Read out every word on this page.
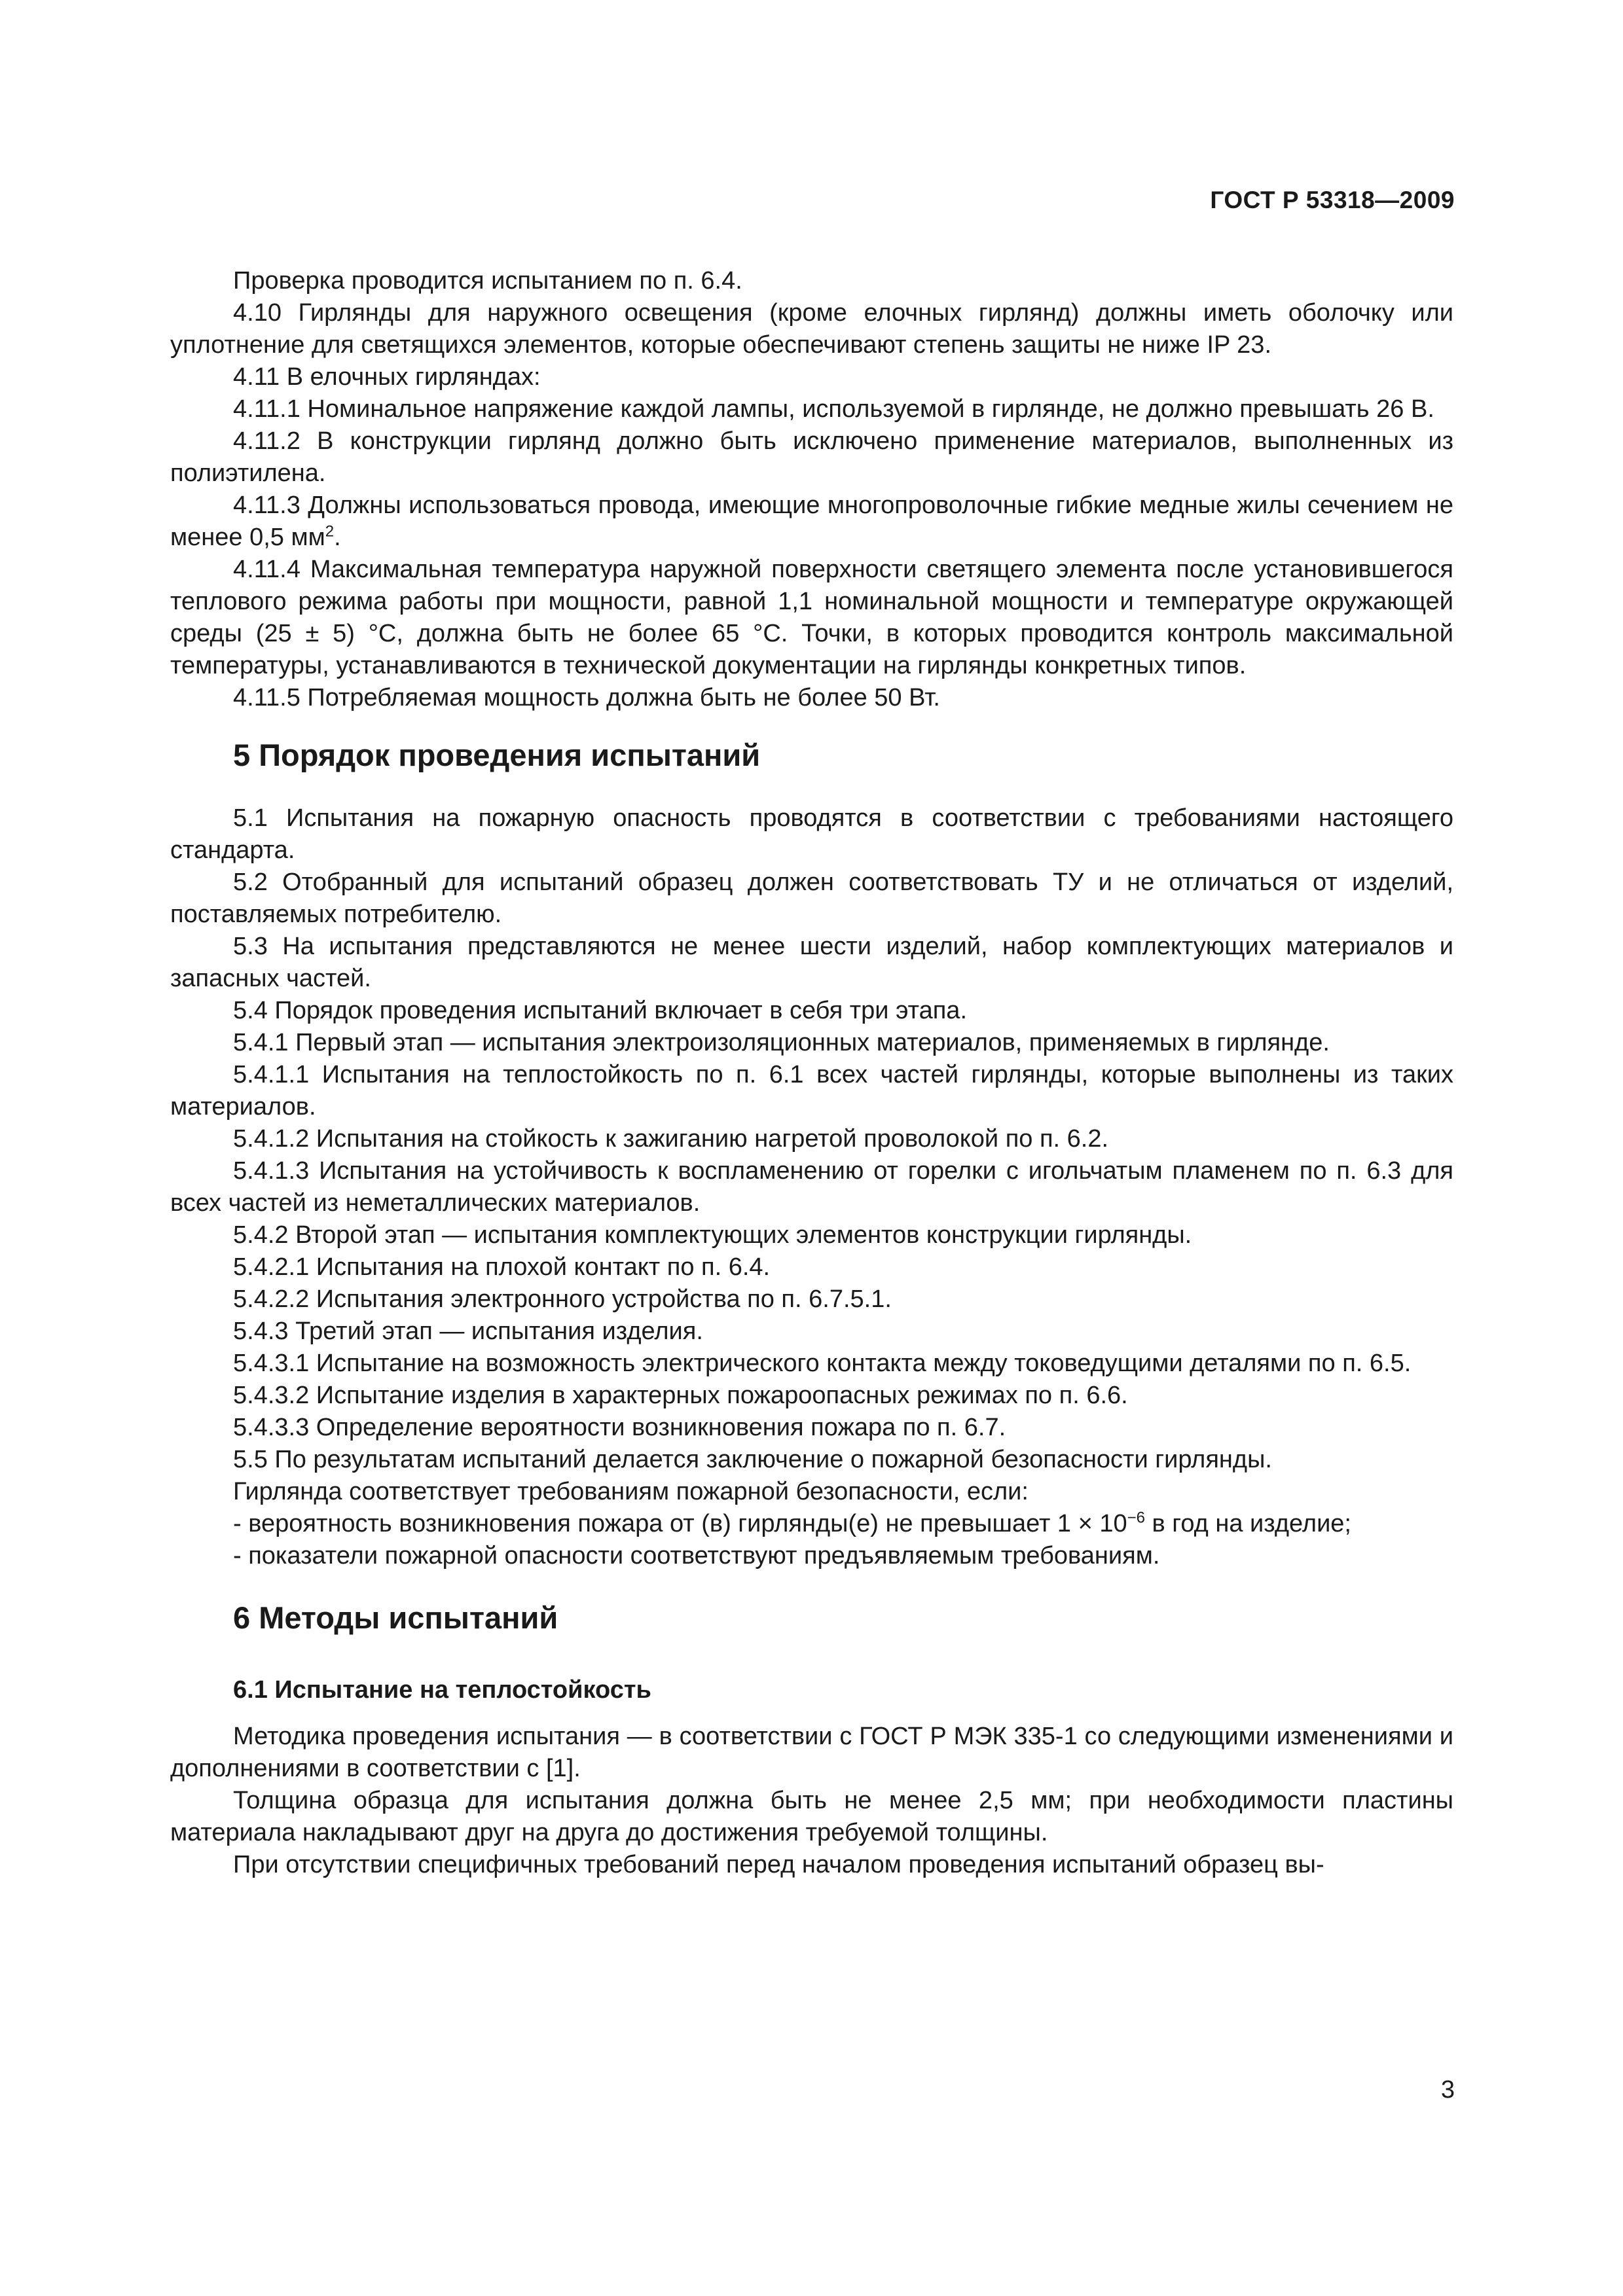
ГОСТ Р 53318—2009

Проверка проводится испытанием по п. 6.4.

4.10 Гирлянды для наружного освещения (кроме елочных гирлянд) должны иметь оболочку или уплотнение для светящихся элементов, которые обеспечивают степень защиты не ниже IP 23.

4.11 В елочных гирляндах:

4.11.1 Номинальное напряжение каждой лампы, используемой в гирлянде, не должно превышать 26 В.

4.11.2 В конструкции гирлянд должно быть исключено применение материалов, выполненных из полиэтилена.

4.11.3 Должны использоваться провода, имеющие многопроволочные гибкие медные жилы сечением не менее 0,5 $мм^2$.

4.11.4 Максимальная температура наружной поверхности светящего элемента после установившегося теплового режима работы при мощности, равной 1,1 номинальной мощности и температуре окружающей среды (25 ± 5) °С, должна быть не более 65 °С. Точки, в которых проводится контроль максимальной температуры, устанавливаются в технической документации на гирлянды конкретных типов.

4.11.5 Потребляемая мощность должна быть не более 50 Вт.

5 Порядок проведения испытаний

5.1 Испытания на пожарную опасность проводятся в соответствии с требованиями настоящего стандарта.

5.2 Отобранный для испытаний образец должен соответствовать ТУ и не отличаться от изделий, поставляемых потребителю.

5.3 На испытания представляются не менее шести изделий, набор комплектующих материалов и запасных частей.

5.4 Порядок проведения испытаний включает в себя три этапа.

5.4.1 Первый этап — испытания электроизоляционных материалов, применяемых в гирлянде.

5.4.1.1 Испытания на теплостойкость по п. 6.1 всех частей гирлянды, которые выполнены из таких материалов.

5.4.1.2 Испытания на стойкость к зажиганию нагретой проволокой по п. 6.2.

5.4.1.3 Испытания на устойчивость к воспламенению от горелки с игольчатым пламенем по п. 6.3 для всех частей из неметаллических материалов.

5.4.2 Второй этап — испытания комплектующих элементов конструкции гирлянды.

5.4.2.1 Испытания на плохой контакт по п. 6.4.

5.4.2.2 Испытания электронного устройства по п. 6.7.5.1.

5.4.3 Третий этап — испытания изделия.

5.4.3.1 Испытание на возможность электрического контакта между токоведущими деталями по п. 6.5.

5.4.3.2 Испытание изделия в характерных пожароопасных режимах по п. 6.6.

5.4.3.3 Определение вероятности возникновения пожара по п. 6.7.

5.5 По результатам испытаний делается заключение о пожарной безопасности гирлянды.

Гирлянда соответствует требованиям пожарной безопасности, если:

- вероятность возникновения пожара от (в) гирлянды(е) не превышает $1 \times 10^{-6}$ в год на изделие;

- показатели пожарной опасности соответствуют предъявляемым требованиям.

6 Методы испытаний
6.1 Испытание на теплостойкость

Методика проведения испытания — в соответствии с ГОСТ Р МЭК 335-1 со следующими изменениями и дополнениями в соответствии с [1].

Толщина образца для испытания должна быть не менее 2,5 мм; при необходимости пластины материала накладывают друг на друга до достижения требуемой толщины.

При отсутствии специфичных требований перед началом проведения испытаний образец вы-

3
